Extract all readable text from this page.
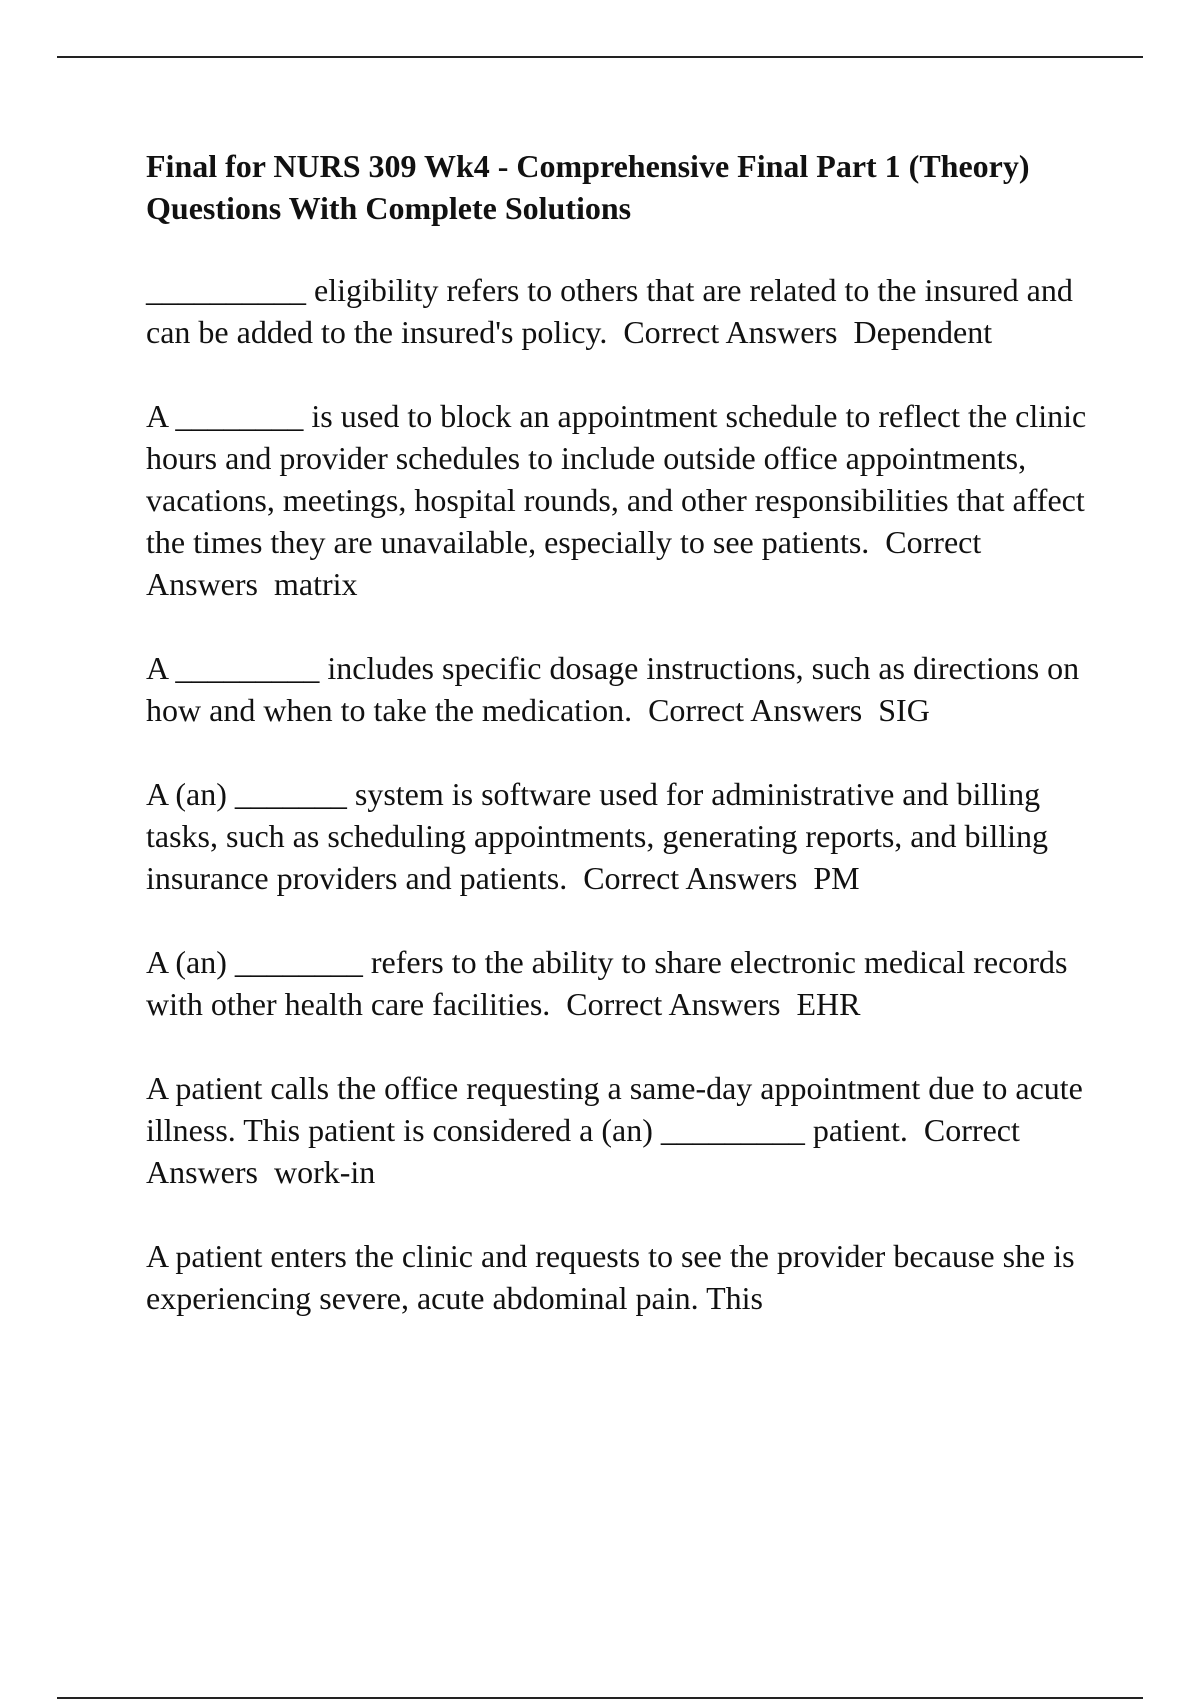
Final for NURS 309 Wk4 - Comprehensive Final Part 1 (Theory) Questions With Complete Solutions
__________ eligibility refers to others that are related to the insured and can be added to the insured's policy.  Correct Answers  Dependent
A ________ is used to block an appointment schedule to reflect the clinic hours and provider schedules to include outside office appointments, vacations, meetings, hospital rounds, and other responsibilities that affect the times they are unavailable, especially to see patients.  Correct Answers  matrix
A _________ includes specific dosage instructions, such as directions on how and when to take the medication.  Correct Answers  SIG
A (an) _______ system is software used for administrative and billing tasks, such as scheduling appointments, generating reports, and billing insurance providers and patients.  Correct Answers  PM
A (an) ________ refers to the ability to share electronic medical records with other health care facilities.  Correct Answers  EHR
A patient calls the office requesting a same-day appointment due to acute illness. This patient is considered a (an) _________ patient.  Correct Answers  work-in
A patient enters the clinic and requests to see the provider because she is experiencing severe, acute abdominal pain. This
